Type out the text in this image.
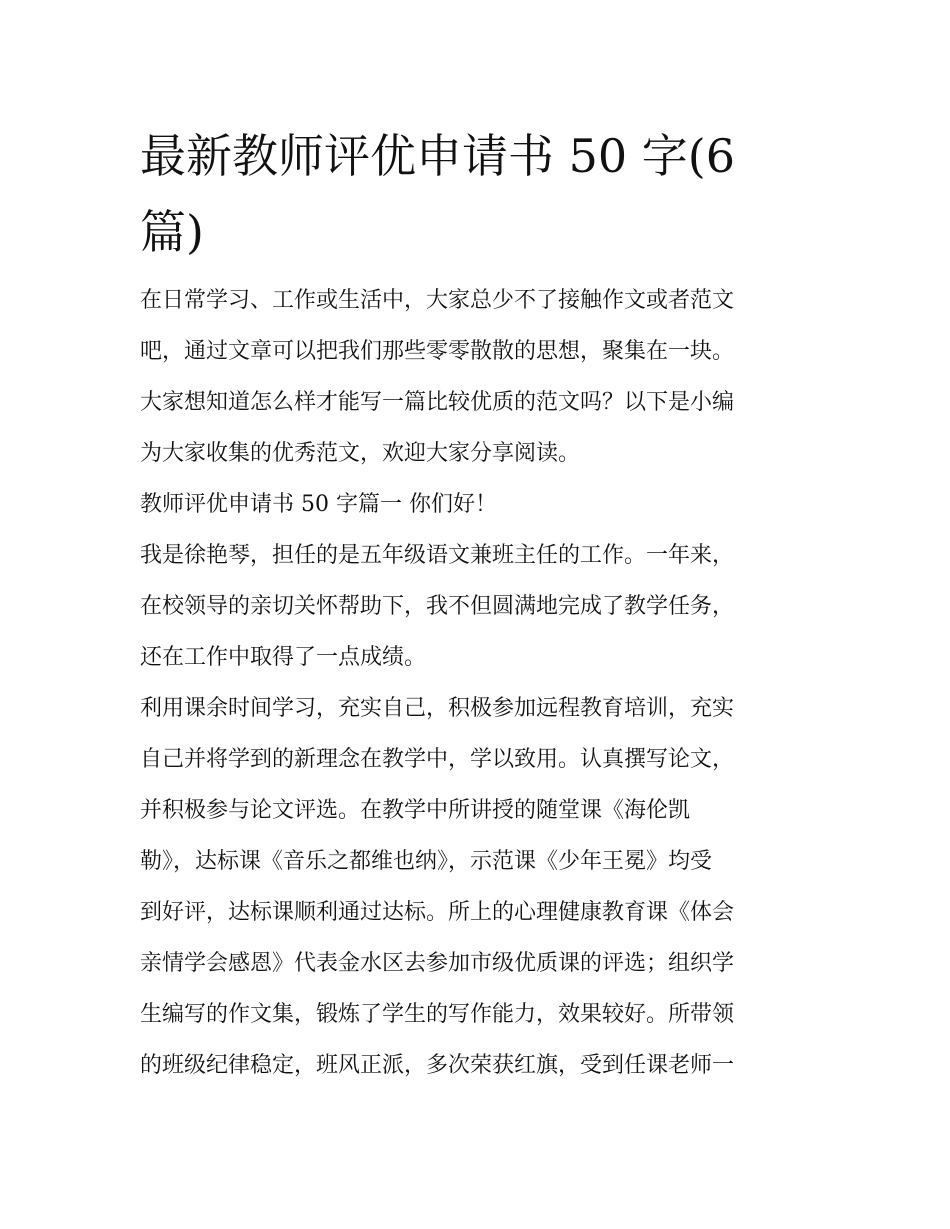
最新教师评优申请书 50 字(6
篇)
在日常学习、工作或生活中，大家总少不了接触作文或者范文
吧，通过文章可以把我们那些零零散散的思想，聚集在一块。
大家想知道怎么样才能写一篇比较优质的范文吗？以下是小编
为大家收集的优秀范文，欢迎大家分享阅读。
教师评优申请书 50 字篇一 你们好！
我是徐艳琴，担任的是五年级语文兼班主任的工作。一年来，
在校领导的亲切关怀帮助下，我不但圆满地完成了教学任务，
还在工作中取得了一点成绩。
利用课余时间学习，充实自己，积极参加远程教育培训，充实
自己并将学到的新理念在教学中，学以致用。认真撰写论文，
并积极参与论文评选。在教学中所讲授的随堂课《海伦凯
勒》，达标课《音乐之都维也纳》，示范课《少年王冕》均受
到好评，达标课顺利通过达标。所上的心理健康教育课《体会
亲情学会感恩》代表金水区去参加市级优质课的评选；组织学
生编写的作文集，锻炼了学生的写作能力，效果较好。所带领
的班级纪律稳定，班风正派，多次荣获红旗，受到任课老师一
